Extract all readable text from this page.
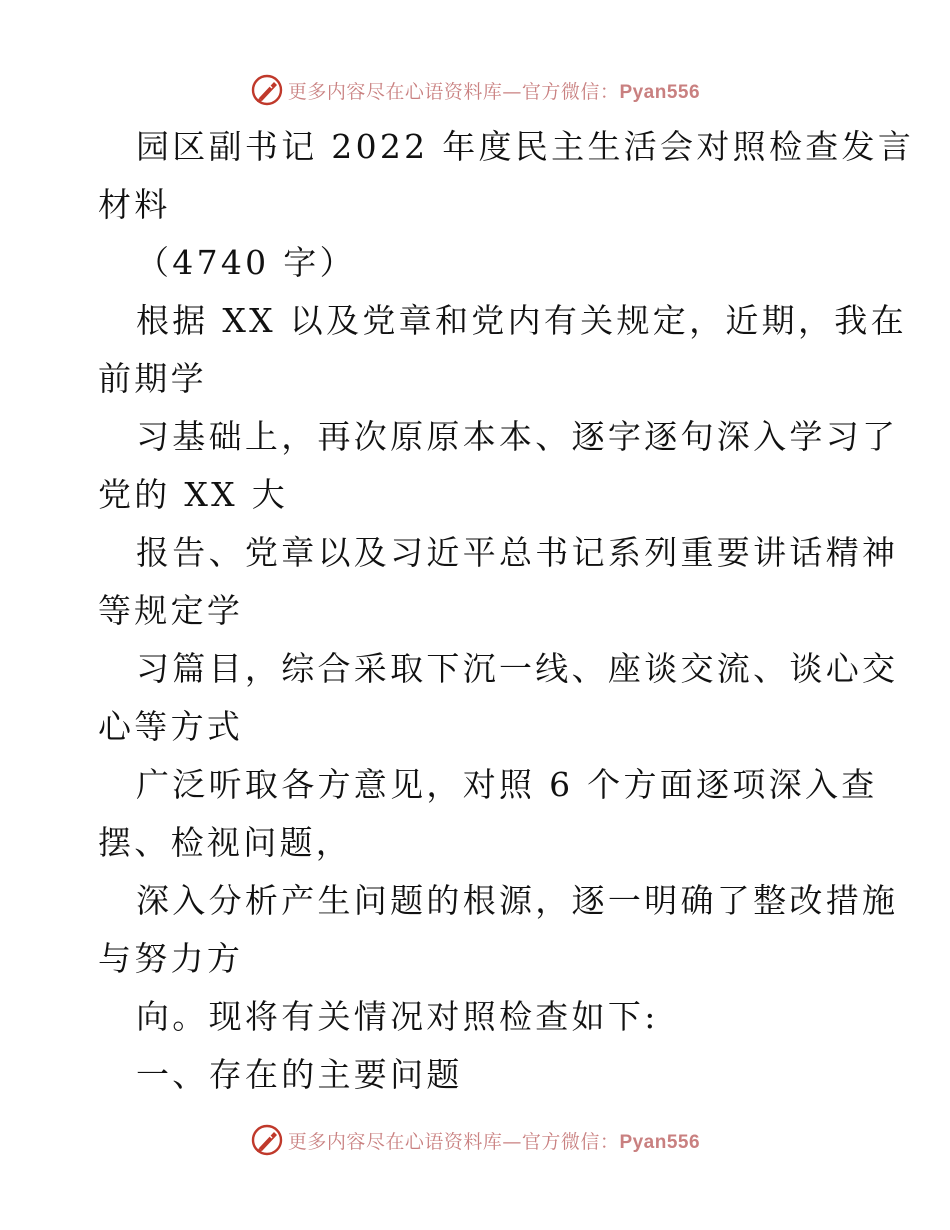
更多内容尽在心语资料库—官方微信：Pyan556
园区副书记 2022 年度民主生活会对照检查发言
材料
（4740 字）
根据 XX 以及党章和党内有关规定，近期，我在
前期学
习基础上，再次原原本本、逐字逐句深入学习了
党的 XX 大
报告、党章以及习近平总书记系列重要讲话精神
等规定学
习篇目，综合采取下沉一线、座谈交流、谈心交
心等方式
广泛听取各方意见，对照 6 个方面逐项深入查
摆、检视问题，
深入分析产生问题的根源，逐一明确了整改措施
与努力方
向。现将有关情况对照检查如下:
一、存在的主要问题
更多内容尽在心语资料库—官方微信：Pyan556
